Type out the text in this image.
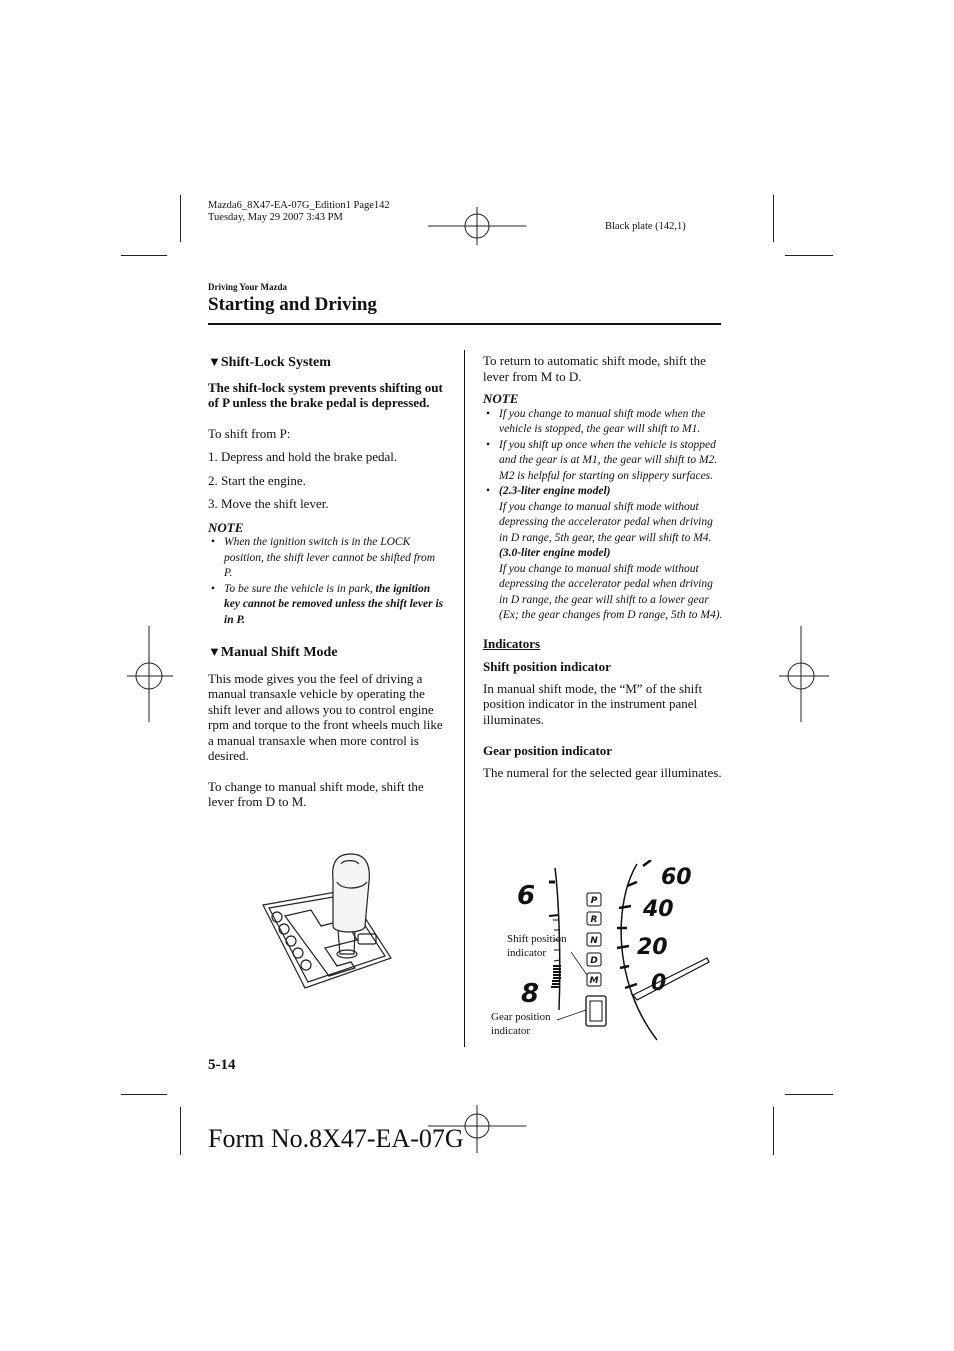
Mazda6_8X47-EA-07G_Edition1 Page142
Tuesday, May 29 2007 3:43 PM
Black plate (142,1)
Driving Your Mazda
Starting and Driving

▼Shift-Lock System

The shift-lock system prevents shifting out of P unless the brake pedal is depressed.

To shift from P:

1. Depress and hold the brake pedal.

2. Start the engine.

3. Move the shift lever.

NOTE

• When the ignition switch is in the LOCK position, the shift lever cannot be shifted from P.
• To be sure the vehicle is in park, the ignition key cannot be removed unless the shift lever is in P.

▼Manual Shift Mode

This mode gives you the feel of driving a manual transaxle vehicle by operating the shift lever and allows you to control engine rpm and torque to the front wheels much like a manual transaxle when more control is desired.

To change to manual shift mode, shift the lever from D to M.

To return to automatic shift mode, shift the lever from M to D.

NOTE

• If you change to manual shift mode when the vehicle is stopped, the gear will shift to M1.
• If you shift up once when the vehicle is stopped and the gear is at M1, the gear will shift to M2. M2 is helpful for starting on slippery surfaces.
• (2.3-liter engine model)
If you change to manual shift mode without depressing the accelerator pedal when driving in D range, 5th gear, the gear will shift to M4.
(3.0-liter engine model)
If you change to manual shift mode without depressing the accelerator pedal when driving in D range, the gear will shift to a lower gear (Ex; the gear changes from D range, 5th to M4).

Indicators

Shift position indicator

In manual shift mode, the “M” of the shift position indicator in the instrument panel illuminates.

Gear position indicator

The numeral for the selected gear illuminates.

6
8
60
40
20
0
P
R
N
D
M
Shift position indicator
Gear position indicator
5-14
Form No.8X47-EA-07G
